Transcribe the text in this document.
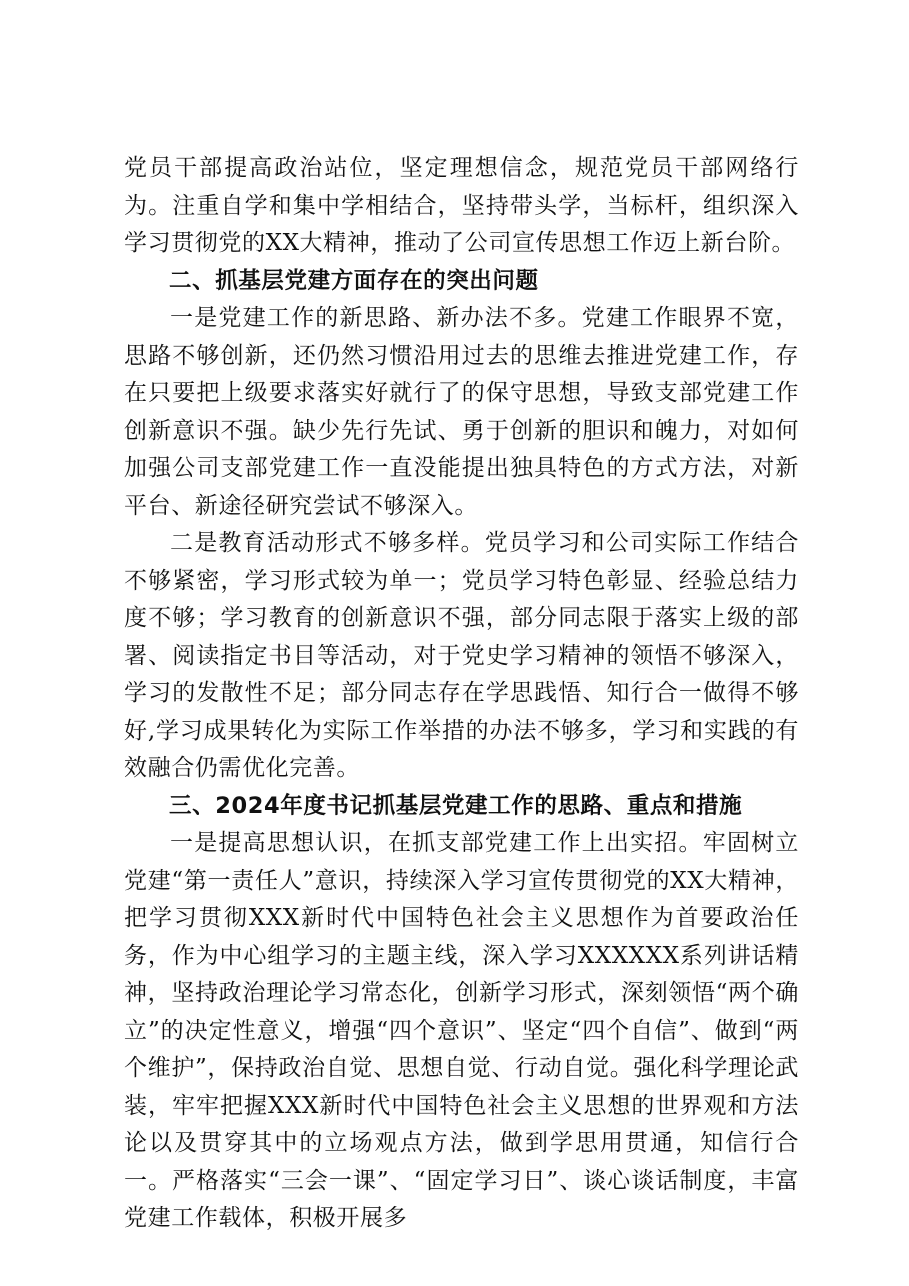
党员干部提高政治站位，坚定理想信念，规范党员干部网络行为。注重自学和集中学相结合，坚持带头学，当标杆，组织深入学习贯彻党的XX大精神，推动了公司宣传思想工作迈上新台阶。

二、抓基层党建方面存在的突出问题

一是党建工作的新思路、新办法不多。党建工作眼界不宽，思路不够创新，还仍然习惯沿用过去的思维去推进党建工作，存在只要把上级要求落实好就行了的保守思想，导致支部党建工作创新意识不强。缺少先行先试、勇于创新的胆识和魄力，对如何加强公司支部党建工作一直没能提出独具特色的方式方法，对新平台、新途径研究尝试不够深入。

二是教育活动形式不够多样。党员学习和公司实际工作结合不够紧密，学习形式较为单一；党员学习特色彰显、经验总结力度不够；学习教育的创新意识不强，部分同志限于落实上级的部署、阅读指定书目等活动，对于党史学习精神的领悟不够深入，学习的发散性不足；部分同志存在学思践悟、知行合一做得不够好,学习成果转化为实际工作举措的办法不够多，学习和实践的有效融合仍需优化完善。

三、2024年度书记抓基层党建工作的思路、重点和措施

一是提高思想认识，在抓支部党建工作上出实招。牢固树立党建“第一责任人”意识，持续深入学习宣传贯彻党的XX大精神，把学习贯彻XXX新时代中国特色社会主义思想作为首要政治任务，作为中心组学习的主题主线，深入学习XXXXXX系列讲话精神，坚持政治理论学习常态化，创新学习形式，深刻领悟“两个确立”的决定性意义，增强“四个意识”、坚定“四个自信”、做到“两个维护”，保持政治自觉、思想自觉、行动自觉。强化科学理论武装，牢牢把握XXX新时代中国特色社会主义思想的世界观和方法论以及贯穿其中的立场观点方法，做到学思用贯通，知信行合一。严格落实“三会一课”、“固定学习日”、谈心谈话制度，丰富党建工作载体，积极开展多
